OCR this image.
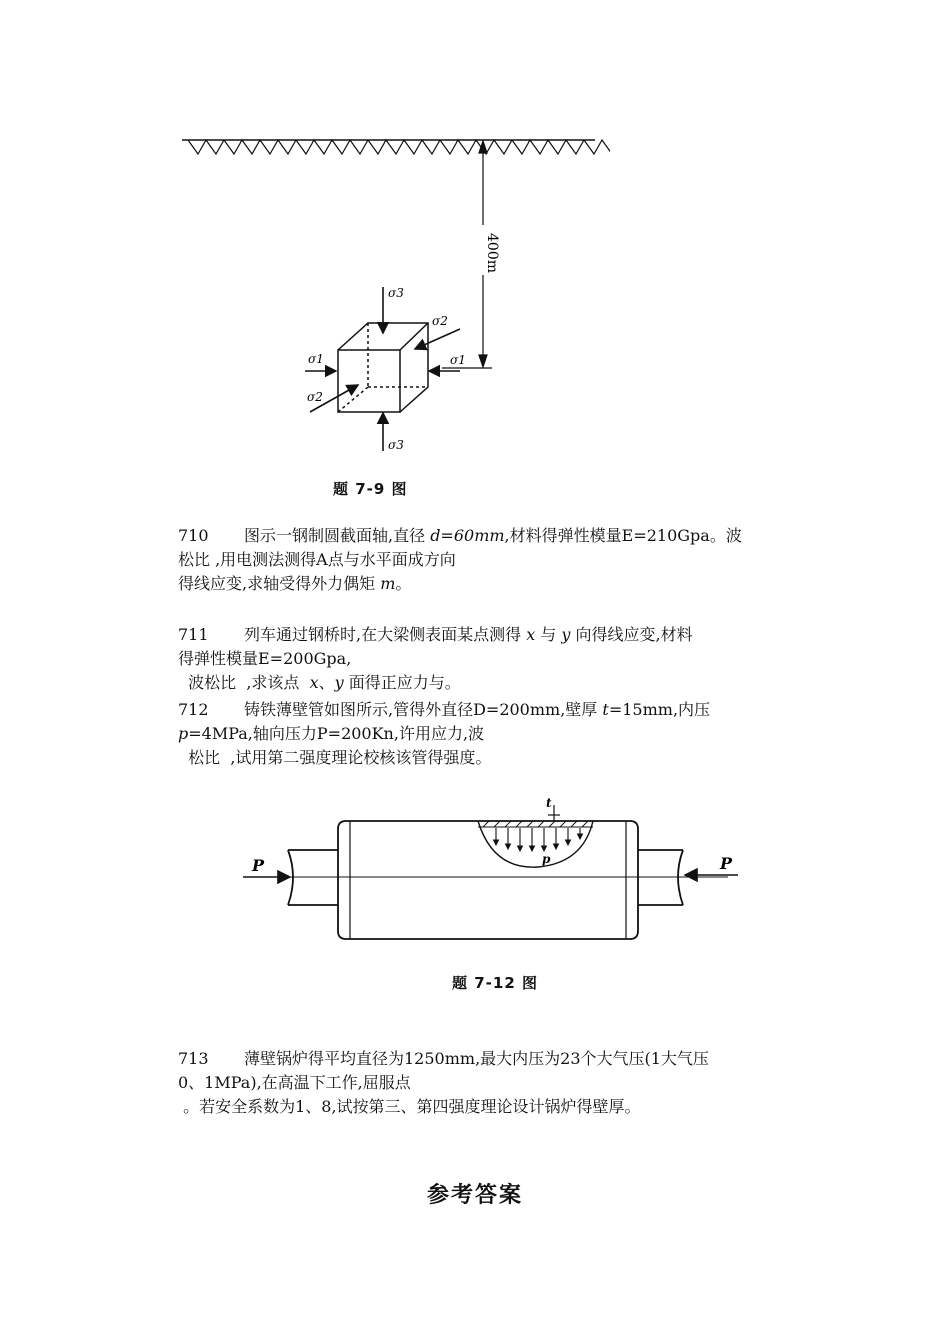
400m
σ3
σ2
σ1	σ1
σ2
σ3
题 7-9 图
710 图示一钢制圆截面轴,直径 d=60mm,材料得弹性模量E=210Gpa。波
松比 ,用电测法测得A点与水平面成方向
得线应变,求轴受得外力偶矩 m。
711 列车通过钢桥时,在大梁侧表面某点测得 x 与 y 向得线应变,材料
得弹性模量E=200Gpa,
波松比  ,求该点  x、y 面得正应力与。
712 铸铁薄壁管如图所示,管得外直径D=200mm,壁厚 t=15mm,内压
p=4MPa,轴向压力P=200Kn,许用应力,波
松比  ,试用第二强度理论校核该管得强度。
P	P
t
p
题 7-12 图
713 薄壁锅炉得平均直径为1250mm,最大内压为23个大气压(1大气压
0、1MPa),在高温下工作,屈服点
。若安全系数为1、8,试按第三、第四强度理论设计锅炉得壁厚。
参考答案
